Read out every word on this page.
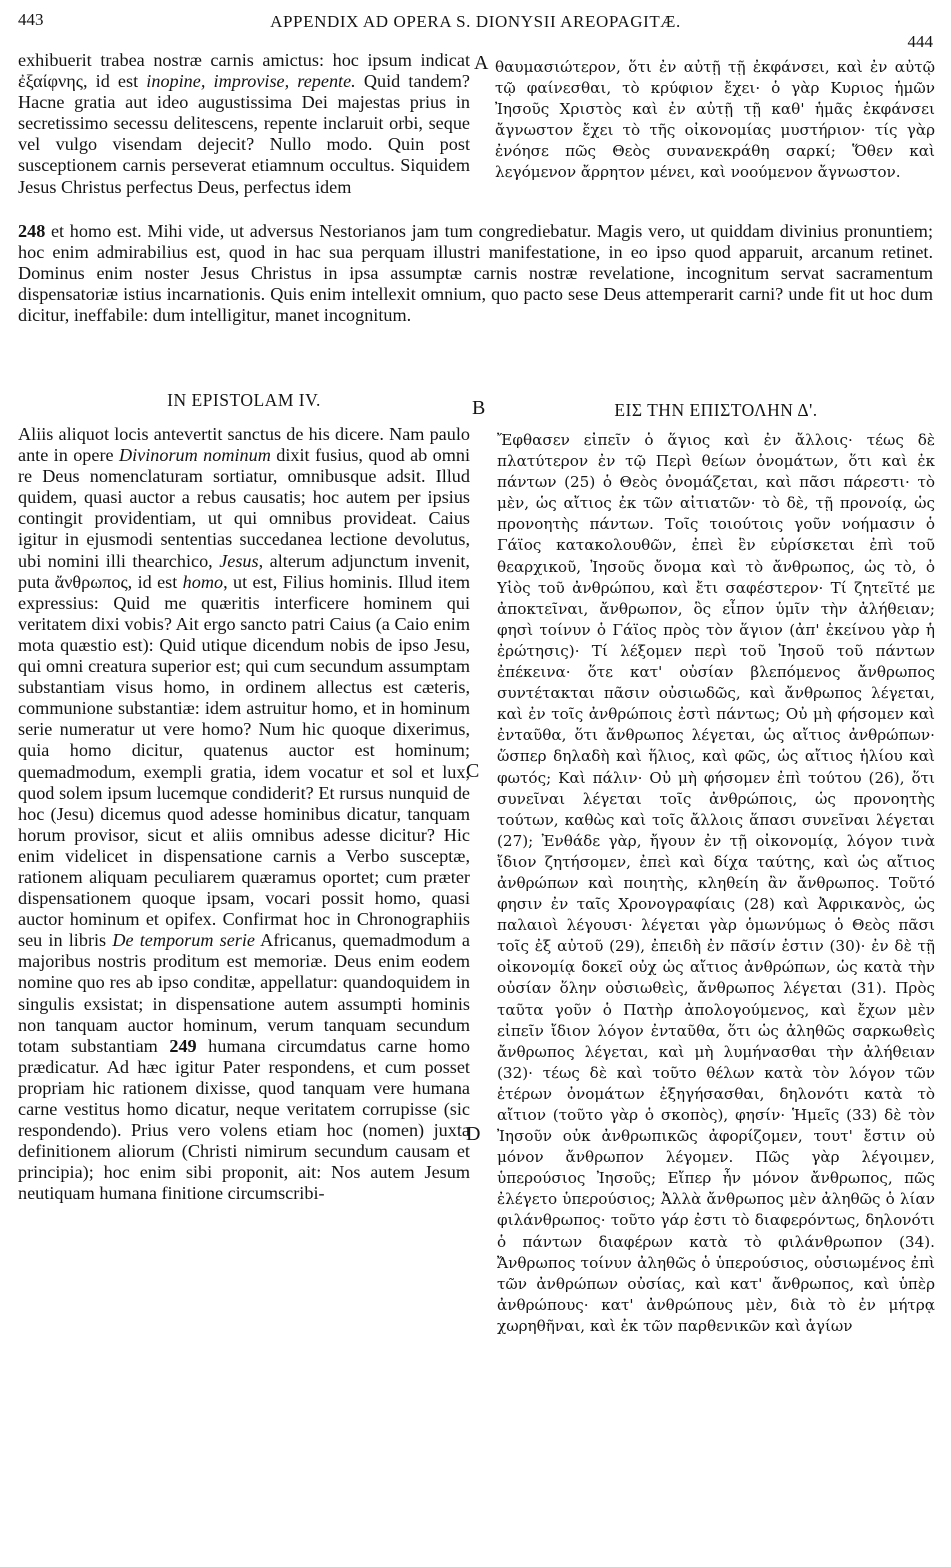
443	APPENDIX AD OPERA S. DIONYSII AREOPAGITÆ.
444

exhibuerit trabea nostræ carnis amictus: hoc ipsum indicat ἐξαίφνης, id est inopine, improvise, repente. Quid tandem? Hacne gratia aut ideo augustissima Dei majestas prius in secretissimo secessu delitescens, repente inclaruit orbi, seque vel vulgo visendam dejecit? Nullo modo. Quin post susceptionem carnis perseverat etiamnum occultus. Siquidem Jesus Christus perfectus Deus, perfectus idem

A θαυμασιώτερον, ὅτι ἐν αὐτῇ τῇ ἐκφάνσει, καὶ ἐν αὐτῷ τῷ φαίνεσθαι, τὸ κρύφιον ἔχει· ὁ γὰρ Κυριος ἡμῶν Ἰησοῦς Χριστὸς καὶ ἐν αὐτῇ τῇ καθ' ἡμᾶς ἐκφάνσει ἄγνωστον ἔχει τὸ τῆς οἰκονομίας μυστήριον· τίς γὰρ ἐνόησε πῶς Θεὸς συνανεκράθη σαρκί; Ὅθεν καὶ λεγόμενον ἄρρητον μένει, καὶ νοούμενον ἄγνωστον.

248 et homo est. Mihi vide, ut adversus Nestorianos jam tum congrediebatur. Magis vero, ut quiddam divinius pronuntiem; hoc enim admirabilius est, quod in hac sua perquam illustri manifestatione, in eo ipso quod apparuit, arcanum retinet. Dominus enim noster Jesus Christus in ipsa assumptæ carnis nostræ revelatione, incognitum servat sacramentum dispensatoriæ istius incarnationis. Quis enim intellexit omnium, quo pacto sese Deus attemperarit carni? unde fit ut hoc dum dicitur, ineffabile: dum intelligitur, manet incognitum.

IN EPISTOLAM IV.	B	ΕΙΣ ΤΗΝ ΕΠΙΣΤΟΛΗΝ Δ'.

Aliis aliquot locis antevertit sanctus de his dicere. Nam paulo ante in opere Divinorum nominum dixit fusius, quod ab omni re Deus nomenclaturam sortiatur, omnibusque adsit. Illud quidem, quasi auctor a rebus causatis; hoc autem per ipsius contingit providentiam, ut qui omnibus provideat. Caius igitur in ejusmodi sententias succedanea lectione devolutus, ubi nomini illi thearchico, Jesus, alterum adjunctum invenit, puta ἄνθρωπος, id est homo, ut est, Filius hominis. Illud item expressius: Quid me quæritis interficere hominem qui veritatem dixi vobis? Ait ergo sancto patri Caius (a Caio enim mota quæstio est): Quid utique dicendum nobis de ipso Jesu, qui omni creatura superior est; qui cum secundum assumptam substantiam visus homo, in ordinem allectus est cæteris, communione substantiæ: idem astruitur homo, et in hominum serie numeratur ut vere homo? Num hic quoque dixerimus, quia homo dicitur, quatenus auctor est hominum; quemadmodum, exempli gratia, idem vocatur et sol et lux, quod solem ipsum lucemque condiderit? Et rursus nunquid de hoc (Jesu) dicemus quod adesse hominibus dicatur, tanquam horum provisor, sicut et aliis omnibus adesse dicitur? Hic enim videlicet in dispensatione carnis a Verbo susceptæ, rationem aliquam peculiarem quæramus oportet; cum præter dispensationem quoque ipsam, vocari possit homo, quasi auctor hominum et opifex. Confirmat hoc in Chronographiis seu in libris De temporum serie Africanus, quemadmodum a majoribus nostris proditum est memoriæ. Deus enim eodem nomine quo res ab ipso conditæ, appellatur: quandoquidem in singulis exsistat; in dispensatione autem assumpti hominis non tanquam auctor hominum, verum tanquam secundum totam substantiam 249 humana circumdatus carne homo prædicatur. Ad hæc igitur Pater respondens, et cum posset propriam hic rationem dixisse, quod tanquam vere humana carne vestitus homo dicatur, neque veritatem corrupisse (sic respondendo). Prius vero volens etiam hoc (nomen) juxta definitionem aliorum (Christi nimirum secundum causam et principia); hoc enim sibi proponit, ait: Nos autem Jesum neutiquam humana finitione circumscribi-

C
D

Ἔφθασεν εἰπεῖν ὁ ἅγιος καὶ ἐν ἄλλοις· τέως δὲ πλατύτερον ἐν τῷ Περὶ θείων ὀνομάτων, ὅτι καὶ ἐκ πάντων (25) ὁ Θεὸς ὀνομάζεται, καὶ πᾶσι πάρεστι· τὸ μὲν, ὡς αἴτιος ἐκ τῶν αἰτιατῶν· τὸ δὲ, τῇ προνοίᾳ, ὡς προνοητὴς πάντων. Τοῖς τοιούτοις γοῦν νοήμασιν ὁ Γάϊος κατακολουθῶν, ἐπεὶ ἓν εὑρίσκεται ἐπὶ τοῦ θεαρχικοῦ, Ἰησοῦς ὄνομα καὶ τὸ ἄνθρωπος, ὡς τὸ, ὁ Υἱὸς τοῦ ἀνθρώπου, καὶ ἔτι σαφέστερον· Τί ζητεῖτέ με ἀποκτεῖναι, ἄνθρωπον, ὃς εἶπον ὑμῖν τὴν ἀλήθειαν; φησὶ τοίνυν ὁ Γάϊος πρὸς τὸν ἅγιον (ἀπ' ἐκείνου γὰρ ἡ ἐρώτησις)· Τί λέξομεν περὶ τοῦ Ἰησοῦ τοῦ πάντων ἐπέκεινα· ὅτε κατ' οὐσίαν βλεπόμενος ἄνθρωπος συντέτακται πᾶσιν οὐσιωδῶς, καὶ ἄνθρωπος λέγεται, καὶ ἐν τοῖς ἀνθρώποις ἐστὶ πάντως; Οὐ μὴ φήσομεν καὶ ἐνταῦθα, ὅτι ἄνθρωπος λέγεται, ὡς αἴτιος ἀνθρώπων· ὥσπερ δηλαδὴ καὶ ἥλιος, καὶ φῶς, ὡς αἴτιος ἡλίου καὶ φωτός; Καὶ πάλιν· Οὐ μὴ φήσομεν ἐπὶ τούτου (26), ὅτι συνεῖναι λέγεται τοῖς ἀνθρώποις, ὡς προνοητὴς τούτων, καθὼς καὶ τοῖς ἄλλοις ἅπασι συνεῖναι λέγεται (27); Ἐνθάδε γὰρ, ἤγουν ἐν τῇ οἰκονομίᾳ, λόγον τινὰ ἴδιον ζητήσομεν, ἐπεὶ καὶ δίχα ταύτης, καὶ ὡς αἴτιος ἀνθρώπων καὶ ποιητὴς, κληθείη ἂν ἄνθρωπος. Τοῦτό φησιν ἐν ταῖς Χρονογραφίαις (28) καὶ Ἀφρικανὸς, ὡς παλαιοὶ λέγουσι· λέγεται γὰρ ὁμωνύμως ὁ Θεὸς πᾶσι τοῖς ἐξ αὐτοῦ (29), ἐπειδὴ ἐν πᾶσίν ἐστιν (30)· ἐν δὲ τῇ οἰκονομίᾳ δοκεῖ οὐχ ὡς αἴτιος ἀνθρώπων, ὡς κατὰ τὴν οὐσίαν ὅλην οὐσιωθεὶς, ἄνθρωπος λέγεται (31). Πρὸς ταῦτα γοῦν ὁ Πατὴρ ἀπολογούμενος, καὶ ἔχων μὲν εἰπεῖν ἴδιον λόγον ἐνταῦθα, ὅτι ὡς ἀληθῶς σαρκωθεὶς ἄνθρωπος λέγεται, καὶ μὴ λυμήνασθαι τὴν ἀλήθειαν (32)· τέως δὲ καὶ τοῦτο θέλων κατὰ τὸν λόγον τῶν ἑτέρων ὀνομάτων ἐξηγήσασθαι, δηλονότι κατὰ τὸ αἴτιον (τοῦτο γὰρ ὁ σκοπὸς), φησίν· Ἡμεῖς (33) δὲ τὸν Ἰησοῦν οὐκ ἀνθρωπικῶς ἀφορίζομεν, τουτ' ἔστιν οὐ μόνον ἄνθρωπον λέγομεν. Πῶς γὰρ λέγοιμεν, ὑπερούσιος Ἰησοῦς; Εἴπερ ἦν μόνον ἄνθρωπος, πῶς ἐλέγετο ὑπερούσιος; Ἀλλὰ ἄνθρωπος μὲν ἀληθῶς ὁ λίαν φιλάνθρωπος· τοῦτο γάρ ἐστι τὸ διαφερόντως, δηλονότι ὁ πάντων διαφέρων κατὰ τὸ φιλάνθρωπον (34). Ἄνθρωπος τοίνυν ἀληθῶς ὁ ὑπερούσιος, οὐσιωμένος ἐπὶ τῶν ἀνθρώπων οὐσίας, καὶ κατ' ἄνθρωπος, καὶ ὑπὲρ ἀνθρώπους· κατ' ἀνθρώπους μὲν, διὰ τὸ ἐν μήτρᾳ χωρηθῆναι, καὶ ἐκ τῶν παρθενικῶν καὶ ἁγίων
